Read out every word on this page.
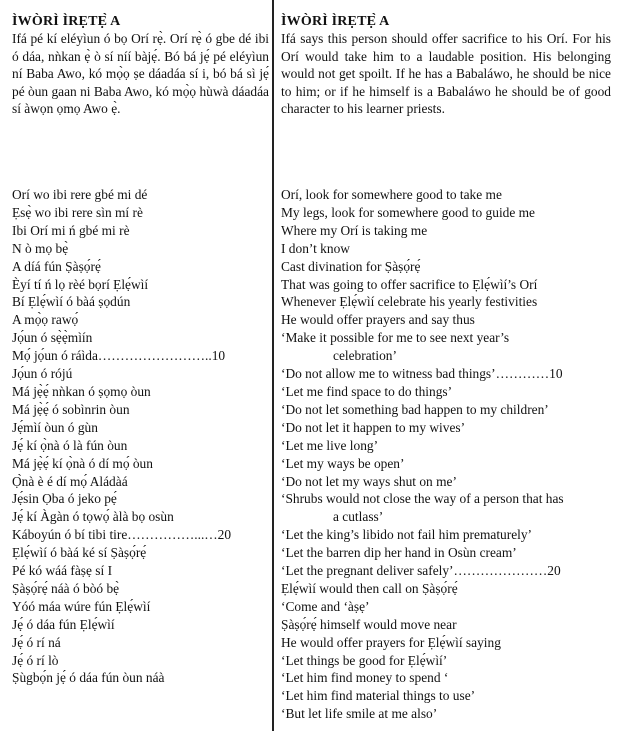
ÌWÒRÌ ÌRẸTẸ̀ A

Ifá pé kí eléyìun ó bọ Orí rẹ̀. Orí rẹ̀ ó gbe dé ibi ó dáa, nǹkan ẹ̀ ò sí níí bàjẹ́. Bó bá jẹ́ pé eléyìun ní Baba Awo, kó mọ̀ọ ṣe dáadáa sí i, bó bá sì jẹ́ pé òun gaan ni Baba Awo, kó mọ̀ọ hùwà dáadáa sí àwọn ọmọ Awo ẹ̀.

Orí wo ibi rere gbé mi dé
Ẹsẹ̀ wo ibi rere sìn mí rè
Ibi Orí mi ń gbé mi rè
N ò mọ bẹ̀
A díá fún Ṣàṣọ́rẹ́
Èyí tí ń lọ rèé bọrí Ẹlẹ́wìí
Bí Ẹlẹ́wìí ó bàá ṣọdún
A mọ̀ọ rawọ́
Jọ́un ó sẹ̀ẹ̀mìín
Mọ́ jọ́un ó ráìda……………………..10
Jọ́un ó rójú
Má jẹ̀ẹ́ nǹkan ó ṣọmọ òun
Má jẹ̀ẹ́ ó sobìnrin òun
Jẹ́mìí òun ó gùn
Jẹ́ kí ọ̀nà ó là fún òun
Má jẹ̀ẹ́ kí ọ̀nà ó dí mọ́ òun
Ọ̀nà è é dí mọ́ Aládàá
Jẹ́sin Ọba ó jeko pẹ́
Jẹ́ kí Àgàn ó tọwọ́ àlà bọ osùn
Káboyún ó bí tibi tire……………...…20
Ẹlẹ́wìí ó bàá ké sí Ṣàṣọ́rẹ́
Pé kó wáá fàṣẹ sí I
Ṣàṣọ́rẹ́ náà ó bòó bẹ̀
Yóó máa wúre fún Ẹlẹ́wìí
Jẹ́ ó dáa fún Ẹlẹ́wìí
Jẹ́ ó rí ná
Jẹ́ ó rí lò
Ṣùgbọ́n jẹ́ ó dáa fún òun náà
ÌWÒRÌ ÌRẸTẸ̀ A

Ifá says this person should offer sacrifice to his Orí. For his Orí would take him to a laudable position. His belonging would not get spoilt. If he has a Babaláwo, he should be nice to him; or if he himself is a Babaláwo he should be of good character to his learner priests.

Orí, look for somewhere good to take me
My legs, look for somewhere good to guide me
Where my Orí is taking me
I don’t know
Cast divination for Ṣàṣọ́rẹ́
That was going to offer sacrifice to Ẹlẹ́wìí’s Orí
Whenever Ẹlẹ́wìí celebrate his yearly festivities
He would offer prayers and say thus
‘Make it possible for me to see next year’s
celebration’
‘Do not allow me to witness bad things’…………10
‘Let me find space to do things’
‘Do not let something bad happen to my children’
‘Do not let it happen to my wives’
‘Let me live long’
‘Let my ways be open’
‘Do not let my ways shut on me’
‘Shrubs would not close the way of a person that has
a cutlass’
‘Let the king’s libido not fail him prematurely’
‘Let the barren dip her hand in Osùn cream’
‘Let the pregnant deliver safely’…………………20
Ẹlẹ́wìí would then call on Ṣàṣọ́rẹ́
‘Come and ‘àṣẹ’
Ṣàṣọ́rẹ́ himself would move near
He would offer prayers for Ẹlẹ́wìí saying
‘Let things be good for Ẹlẹ́wìí’
‘Let him find money to spend ‘
‘Let him find material things to use’
‘But let life smile at me also’
